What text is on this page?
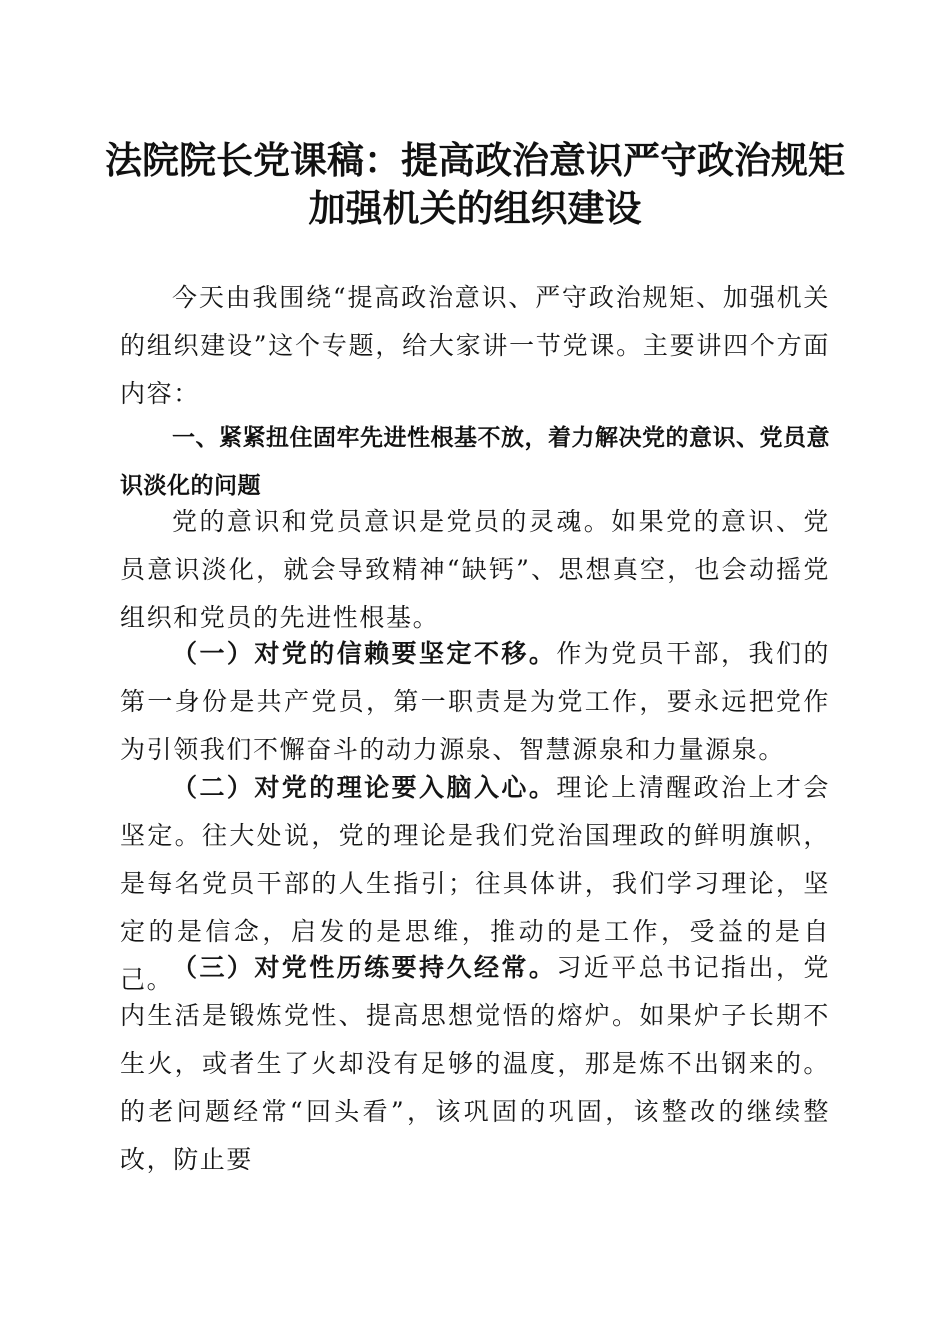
法院院长党课稿：提高政治意识严守政治规矩
加强机关的组织建设

今天由我围绕“提高政治意识、严守政治规矩、加强机关的组织建设”这个专题，给大家讲一节党课。主要讲四个方面内容：

一、紧紧扭住固牢先进性根基不放，着力解决党的意识、党员意识淡化的问题

党的意识和党员意识是党员的灵魂。如果党的意识、党员意识淡化，就会导致精神“缺钙”、思想真空，也会动摇党组织和党员的先进性根基。

（一）对党的信赖要坚定不移。作为党员干部，我们的第一身份是共产党员，第一职责是为党工作，要永远把党作为引领我们不懈奋斗的动力源泉、智慧源泉和力量源泉。

（二）对党的理论要入脑入心。理论上清醒政治上才会坚定。往大处说，党的理论是我们党治国理政的鲜明旗帜，是每名党员干部的人生指引；往具体讲，我们学习理论，坚定的是信念，启发的是思维，推动的是工作，受益的是自己。

（三）对党性历练要持久经常。习近平总书记指出，党内生活是锻炼党性、提高思想觉悟的熔炉。如果炉子长期不生火，或者生了火却没有足够的温度，那是炼不出钢来的。的老问题经常“回头看”，该巩固的巩固，该整改的继续整改，防止要
